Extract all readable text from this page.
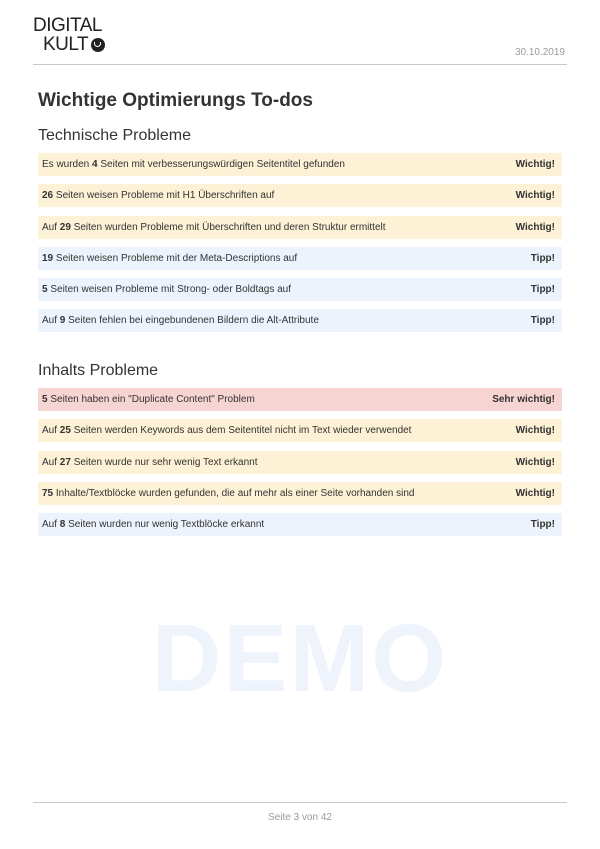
DIGITAL
KULT	30.10.2019
Wichtige Optimierungs To-dos
Technische Probleme
Es wurden 4 Seiten mit verbesserungswürdigen Seitentitel gefunden	Wichtig!
26 Seiten weisen Probleme mit H1 Überschriften auf	Wichtig!
Auf 29 Seiten wurden Probleme mit Überschriften und deren Struktur ermittelt	Wichtig!
19 Seiten weisen Probleme mit der Meta-Descriptions auf	Tipp!
5 Seiten weisen Probleme mit Strong- oder Boldtags auf	Tipp!
Auf 9 Seiten fehlen bei eingebundenen Bildern die Alt-Attribute	Tipp!
Inhalts Probleme
5 Seiten haben ein "Duplicate Content" Problem	Sehr wichtig!
Auf 25 Seiten werden Keywords aus dem Seitentitel nicht im Text wieder verwendet	Wichtig!
Auf 27 Seiten wurde nur sehr wenig Text erkannt	Wichtig!
75 Inhalte/Textblöcke wurden gefunden, die auf mehr als einer Seite vorhanden sind	Wichtig!
Auf 8 Seiten wurden nur wenig Textblöcke erkannt	Tipp!
DEMO
Seite 3 von 42
